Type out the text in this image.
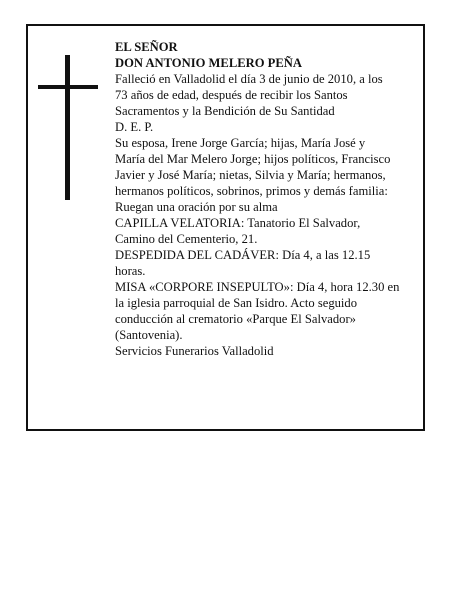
EL SEÑOR
DON ANTONIO MELERO PEÑA
Falleció en Valladolid el día 3 de junio de 2010, a los
73 años de edad, después de recibir los Santos
Sacramentos y la Bendición de Su Santidad
D. E. P.
Su esposa, Irene Jorge García; hijas, María José y
María del Mar Melero Jorge; hijos políticos, Francisco
Javier y José María; nietas, Silvia y María; hermanos,
hermanos políticos, sobrinos, primos y demás familia:
Ruegan una oración por su alma
CAPILLA VELATORIA: Tanatorio El Salvador,
Camino del Cementerio, 21.
DESPEDIDA DEL CADÁVER: Día 4, a las 12.15
horas.
MISA «CORPORE INSEPULTO»: Día 4, hora 12.30 en
la iglesia parroquial de San Isidro. Acto seguido
conducción al crematorio «Parque El Salvador»
(Santovenia).
Servicios Funerarios Valladolid
